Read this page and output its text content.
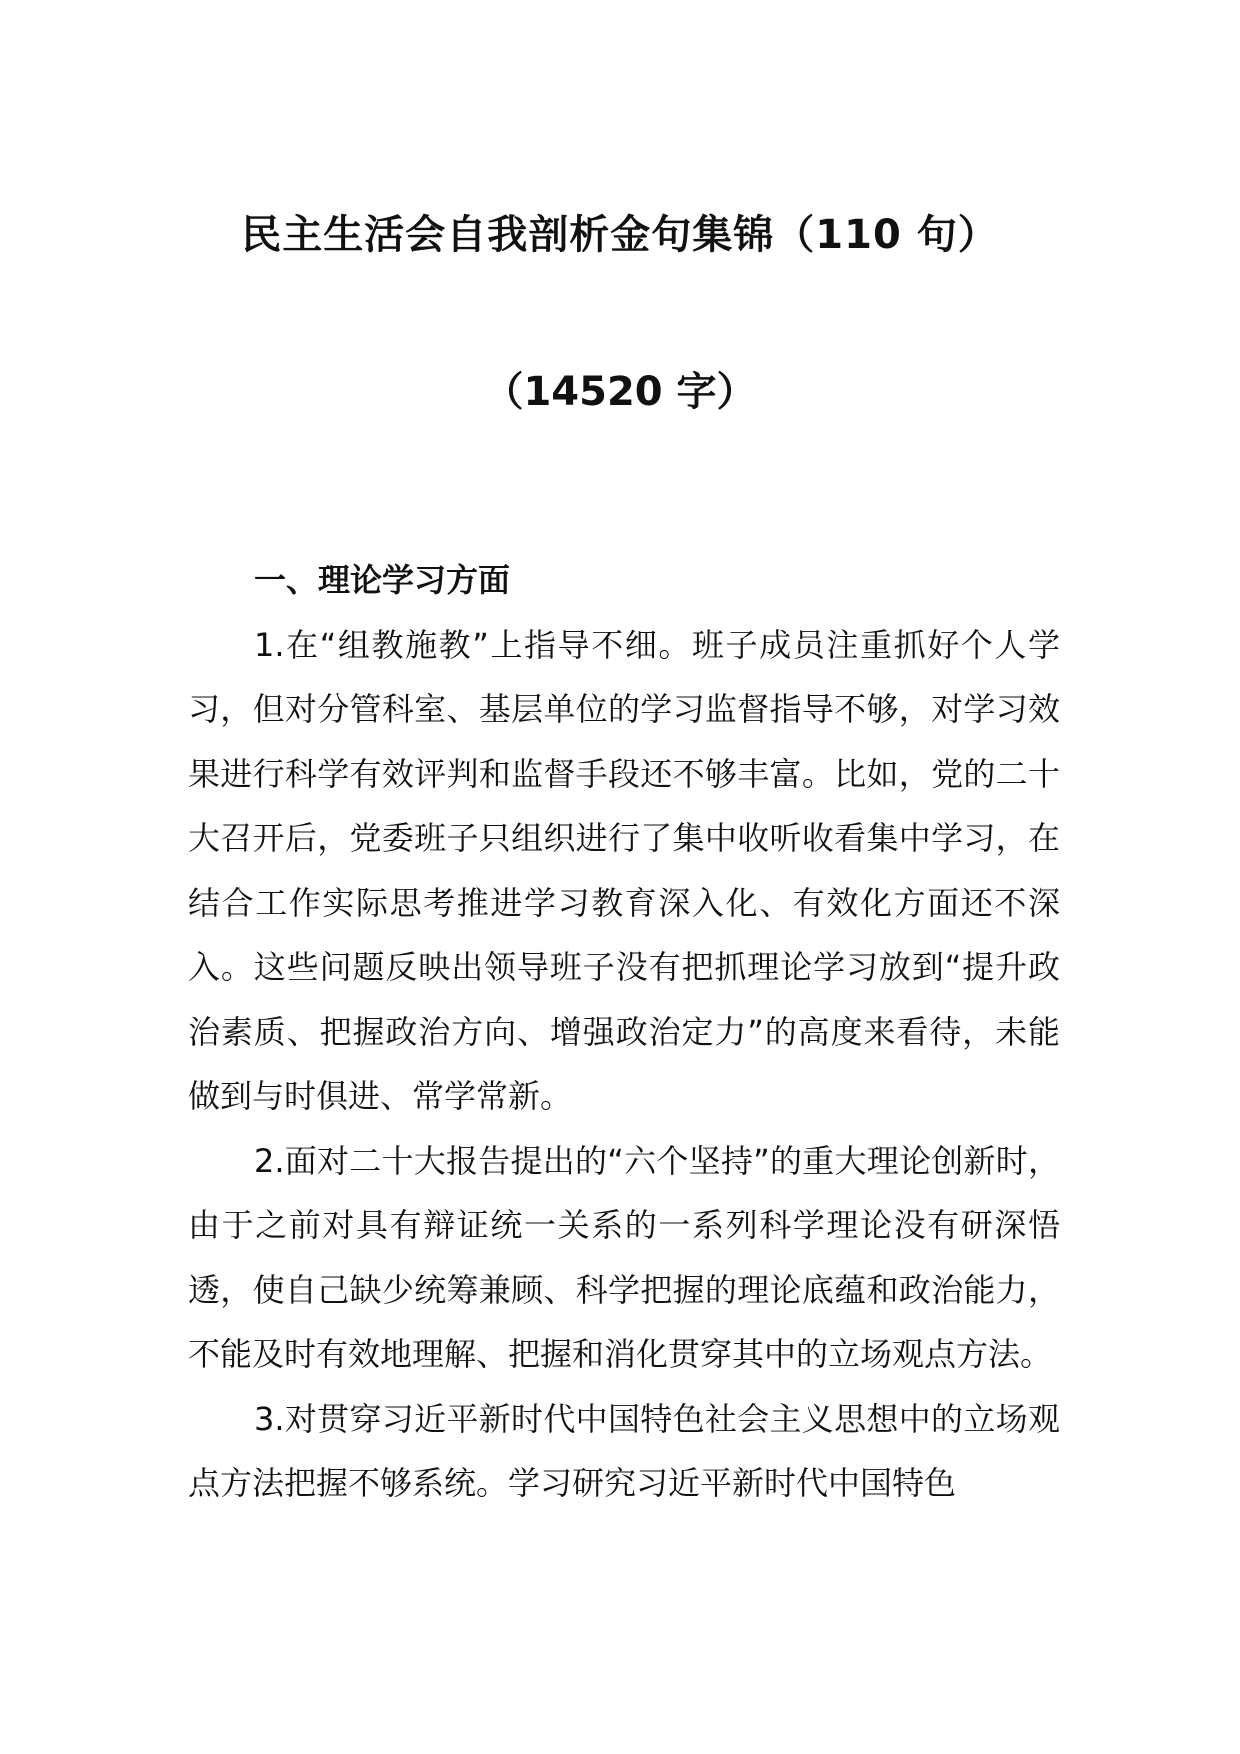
民主生活会自我剖析金句集锦（110 句）
（14520 字）
一、理论学习方面

1.在“组教施教”上指导不细。班子成员注重抓好个人学习，但对分管科室、基层单位的学习监督指导不够，对学习效果进行科学有效评判和监督手段还不够丰富。比如，党的二十大召开后，党委班子只组织进行了集中收听收看集中学习，在结合工作实际思考推进学习教育深入化、有效化方面还不深入。这些问题反映出领导班子没有把抓理论学习放到“提升政治素质、把握政治方向、增强政治定力”的高度来看待，未能做到与时俱进、常学常新。

2.面对二十大报告提出的“六个坚持”的重大理论创新时，由于之前对具有辩证统一关系的一系列科学理论没有研深悟透，使自己缺少统筹兼顾、科学把握的理论底蕴和政治能力，不能及时有效地理解、把握和消化贯穿其中的立场观点方法。

3.对贯穿习近平新时代中国特色社会主义思想中的立场观点方法把握不够系统。学习研究习近平新时代中国特色
